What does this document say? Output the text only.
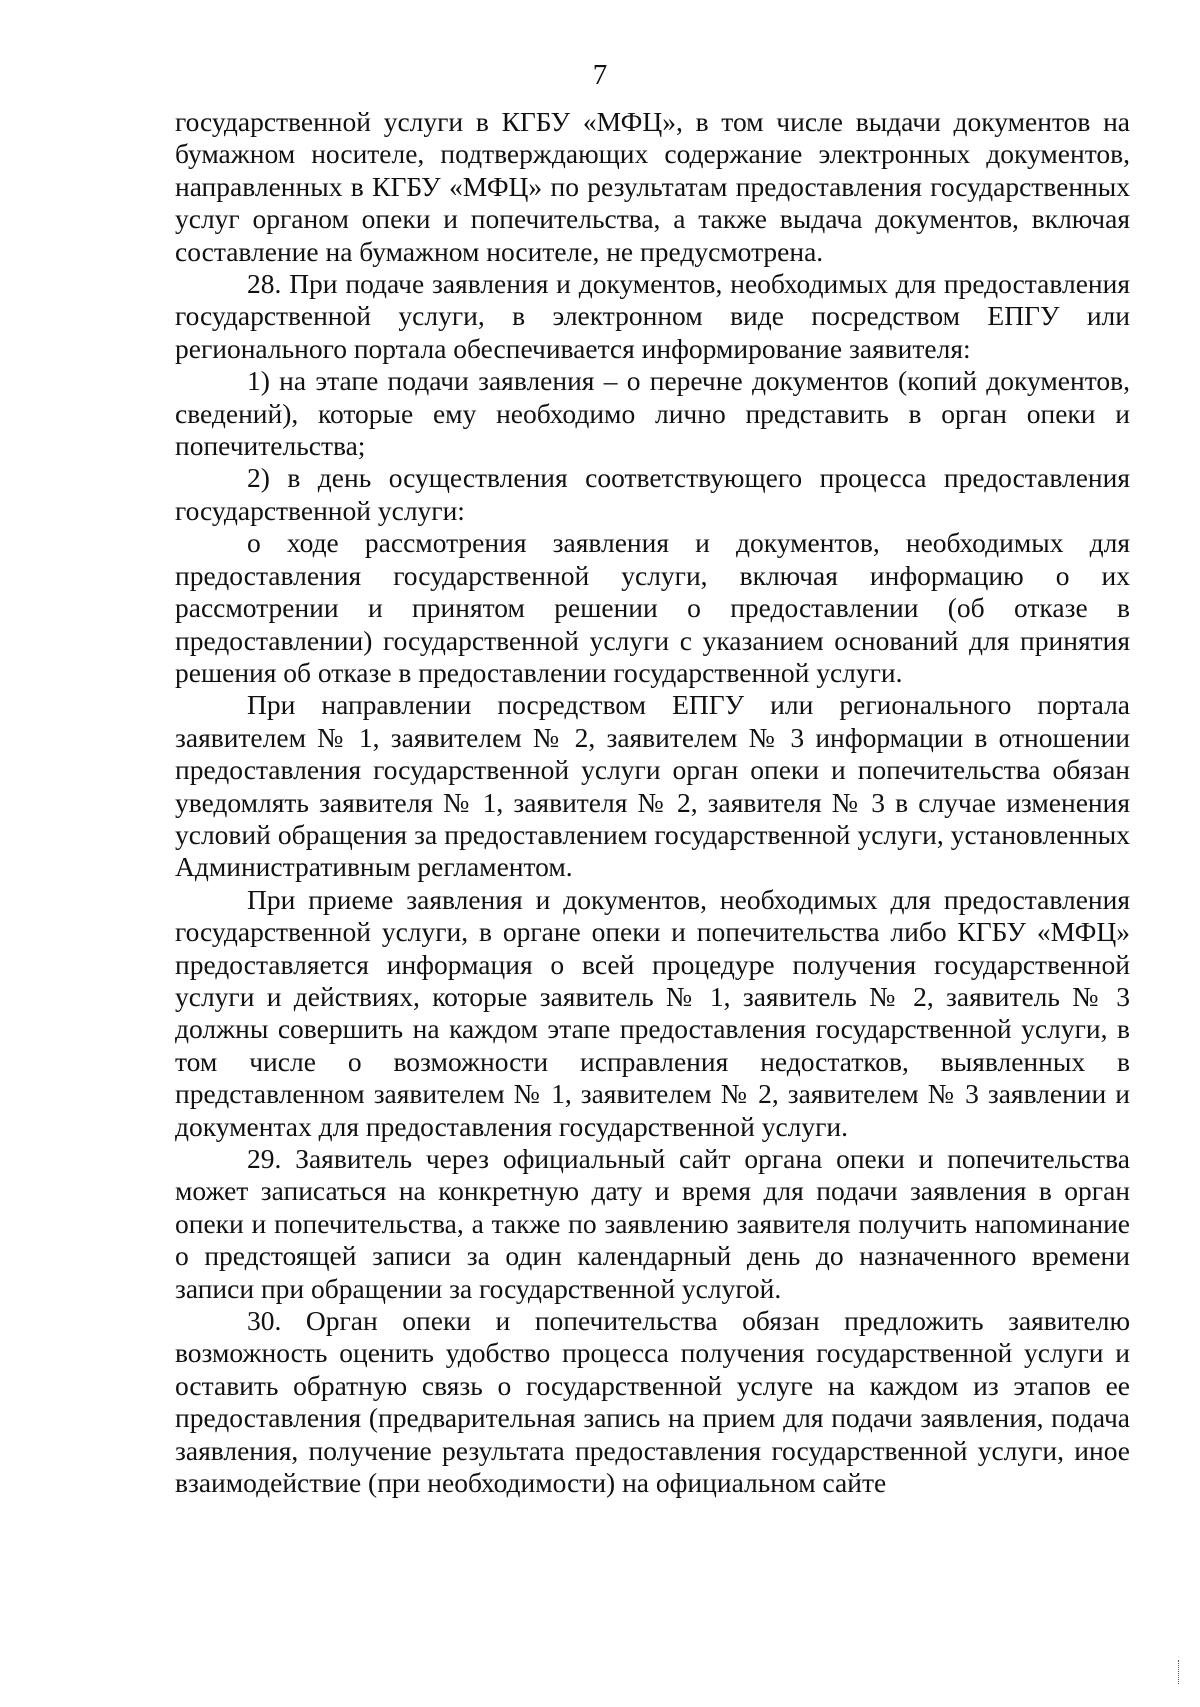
7

государственной услуги в КГБУ «МФЦ», в том числе выдачи документов на бумажном носителе, подтверждающих содержание электронных документов, направленных в КГБУ «МФЦ» по результатам предоставления государственных услуг органом опеки и попечительства, а также выдача документов, включая составление на бумажном носителе, не предусмотрена.

28. При подаче заявления и документов, необходимых для предоставления государственной услуги, в электронном виде посредством ЕПГУ или регионального портала обеспечивается информирование заявителя:

1) на этапе подачи заявления – о перечне документов (копий документов, сведений), которые ему необходимо лично представить в орган опеки и попечительства;

2) в день осуществления соответствующего процесса предоставления государственной услуги:

о ходе рассмотрения заявления и документов, необходимых для предоставления государственной услуги, включая информацию о их рассмотрении и принятом решении о предоставлении (об отказе в предоставлении) государственной услуги с указанием оснований для принятия решения об отказе в предоставлении государственной услуги.

При направлении посредством ЕПГУ или регионального портала заявителем № 1, заявителем № 2, заявителем № 3 информации в отношении предоставления государственной услуги орган опеки и попечительства обязан уведомлять заявителя № 1, заявителя № 2, заявителя № 3 в случае изменения условий обращения за предоставлением государственной услуги, установленных Административным регламентом.

При приеме заявления и документов, необходимых для предоставления государственной услуги, в органе опеки и попечительства либо КГБУ «МФЦ» предоставляется информация о всей процедуре получения государственной услуги и действиях, которые заявитель № 1, заявитель № 2, заявитель № 3 должны совершить на каждом этапе предоставления государственной услуги, в том числе о возможности исправления недостатков, выявленных в представленном заявителем № 1, заявителем № 2, заявителем № 3 заявлении и документах для предоставления государственной услуги.

29. Заявитель через официальный сайт органа опеки и попечительства может записаться на конкретную дату и время для подачи заявления в орган опеки и попечительства, а также по заявлению заявителя получить напоминание о предстоящей записи за один календарный день до назначенного времени записи при обращении за государственной услугой.

30. Орган опеки и попечительства обязан предложить заявителю возможность оценить удобство процесса получения государственной услуги и оставить обратную связь о государственной услуге на каждом из этапов ее предоставления (предварительная запись на прием для подачи заявления, подача заявления, получение результата предоставления государственной услуги, иное взаимодействие (при необходимости) на официальном сайте
